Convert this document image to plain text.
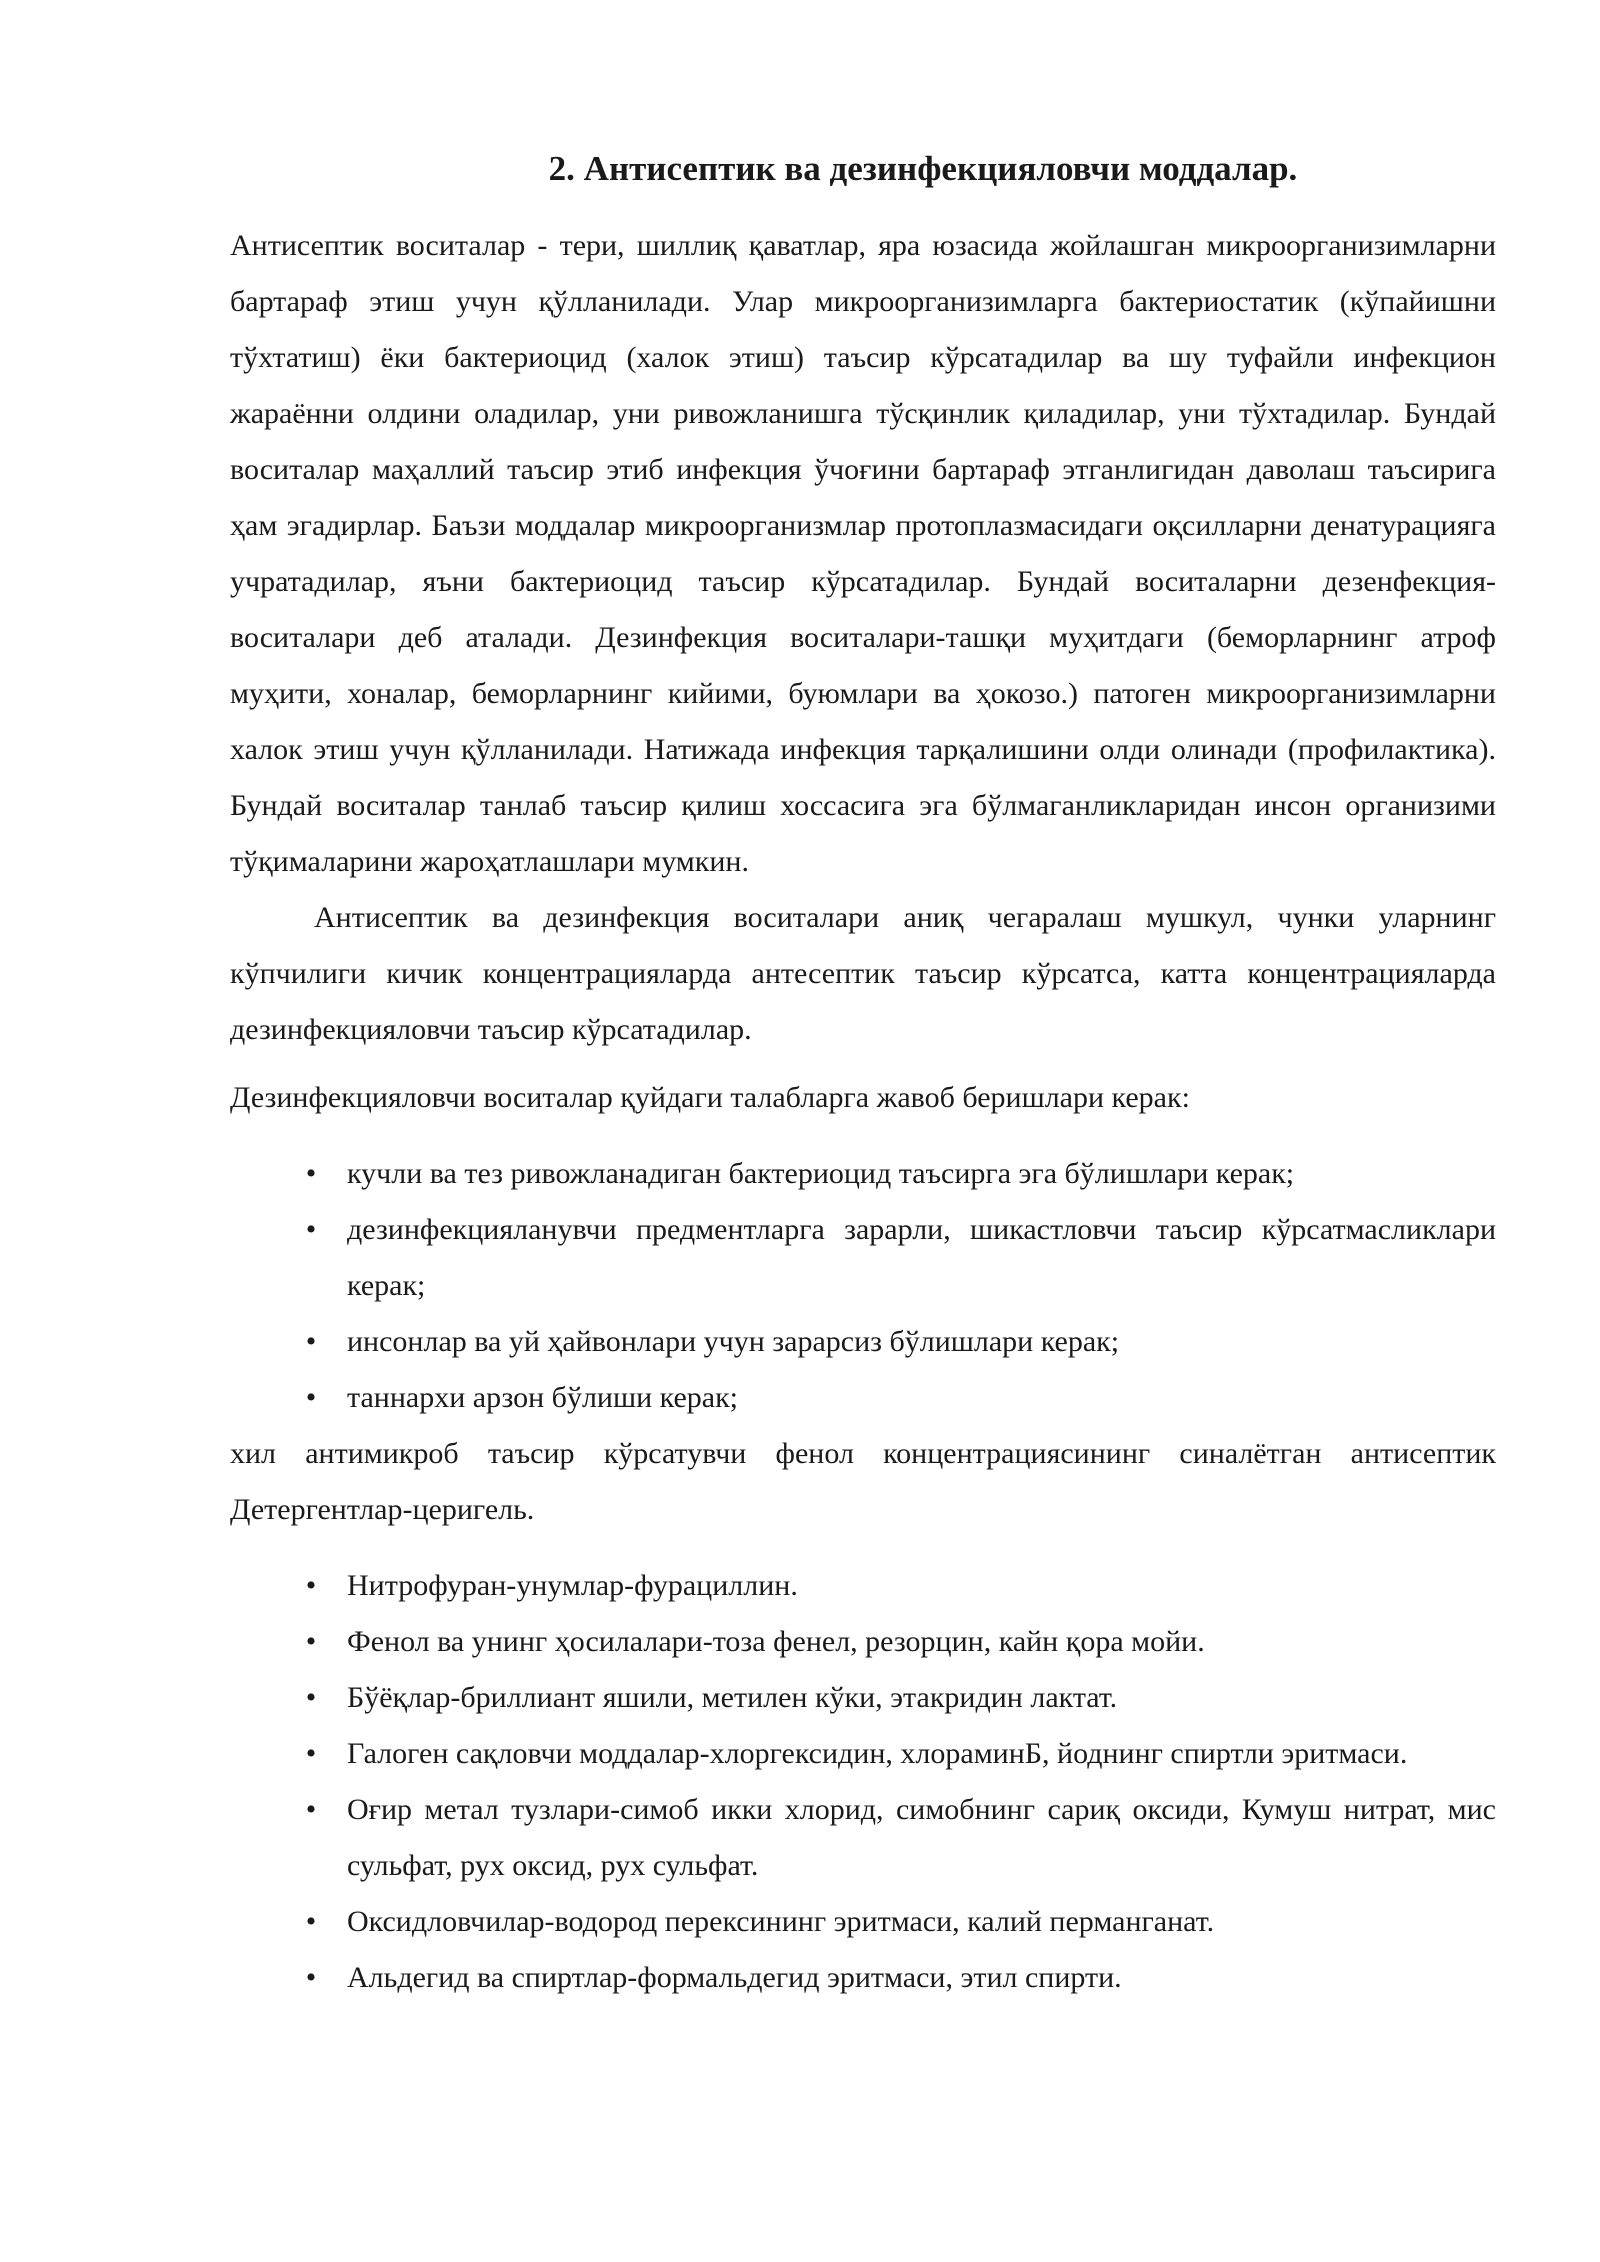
2. Антисептик ва дезинфекцияловчи моддалар.

Антисептик воситалар - тери, шиллиқ қаватлар, яра юзасида жойлашган микроорганизимларни бартараф этиш учун қўлланилади. Улар микроорганизимларга бактериостатик (кўпайишни тўхтатиш) ёки бактериоцид (халок этиш) таъсир кўрсатадилар ва шу туфайли инфекцион жараённи олдини оладилар, уни ривожланишга тўсқинлик қиладилар, уни тўхтадилар. Бундай воситалар маҳаллий таъсир этиб инфекция ўчоғини бартараф этганлигидан даволаш таъсирига ҳам эгадирлар. Баъзи моддалар микроорганизмлар протоплазмасидаги оқсилларни денатурацияга учратадилар, яъни бактериоцид таъсир кўрсатадилар. Бундай воситаларни дезенфекция-воситалари деб аталади. Дезинфекция воситалари-ташқи муҳитдаги (беморларнинг атроф муҳити, хоналар, беморларнинг кийими, буюмлари ва ҳокозо.) патоген микроорганизимларни халок этиш учун қўлланилади. Натижада инфекция тарқалишини олди олинади (профилактика). Бундай воситалар танлаб таъсир қилиш хоссасига эга бўлмаганликларидан инсон организими тўқималарини жароҳатлашлари мумкин.

Антисептик ва дезинфекция воситалари аниқ чегаралаш мушкул, чунки уларнинг кўпчилиги кичик концентрацияларда антесептик таъсир кўрсатса, катта концентрацияларда дезинфекцияловчи таъсир кўрсатадилар.

Дезинфекцияловчи воситалар қуйдаги талабларга жавоб беришлари керак:

•	кучли ва тез ривожланадиган бактериоцид таъсирга эга бўлишлари керак;
•	дезинфекцияланувчи предментларга зарарли, шикастловчи таъсир кўрсатмасликлари керак;
•	инсонлар ва уй ҳайвонлари учун зарарсиз бўлишлари керак;
•	таннархи арзон бўлиши керак;

хил антимикроб таъсир кўрсатувчи фенол концентрациясининг синалётган антисептик Детергентлар-церигель.

•	Нитрофуран-унумлар-фурациллин.
•	Фенол ва унинг ҳосилалари-тоза фенел, резорцин, кайн қора мойи.
•	Бўёқлар-бриллиант яшили, метилен кўки, этакридин лактат.
•	Галоген сақловчи моддалар-хлоргексидин, хлораминБ, йоднинг спиртли эритмаси.
•	Оғир метал тузлари-симоб икки хлорид, симобнинг сариқ оксиди, Кумуш нитрат, мис сульфат, рух оксид, рух сульфат.
•	Оксидловчилар-водород перексининг эритмаси, калий перманганат.
•	Альдегид ва спиртлар-формальдегид эритмаси, этил спирти.
